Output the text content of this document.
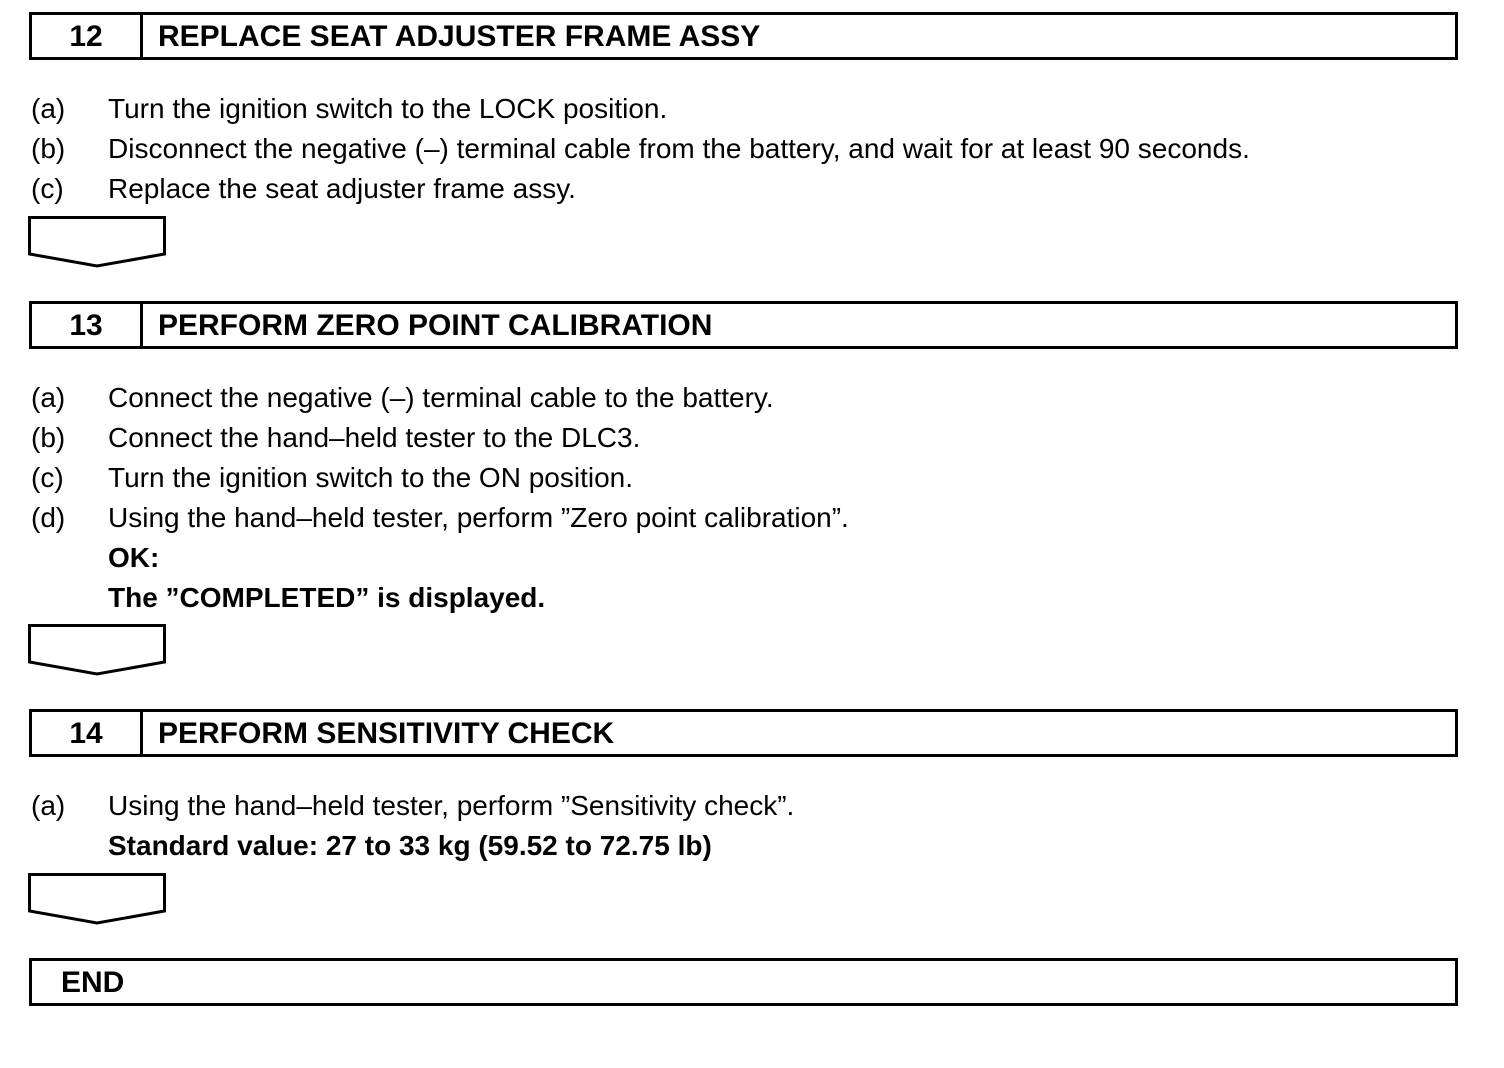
12	REPLACE SEAT ADJUSTER FRAME ASSY
(a) Turn the ignition switch to the LOCK position.
(b) Disconnect the negative (–) terminal cable from the battery, and wait for at least 90 seconds.
(c) Replace the seat adjuster frame assy.
13	PERFORM ZERO POINT CALIBRATION
(a) Connect the negative (–) terminal cable to the battery.
(b) Connect the hand–held tester to the DLC3.
(c) Turn the ignition switch to the ON position.
(d) Using the hand–held tester, perform ”Zero point calibration”.
OK:
The ”COMPLETED” is displayed.
14	PERFORM SENSITIVITY CHECK
(a) Using the hand–held tester, perform ”Sensitivity check”.
Standard value: 27 to 33 kg (59.52 to 72.75 lb)
END
